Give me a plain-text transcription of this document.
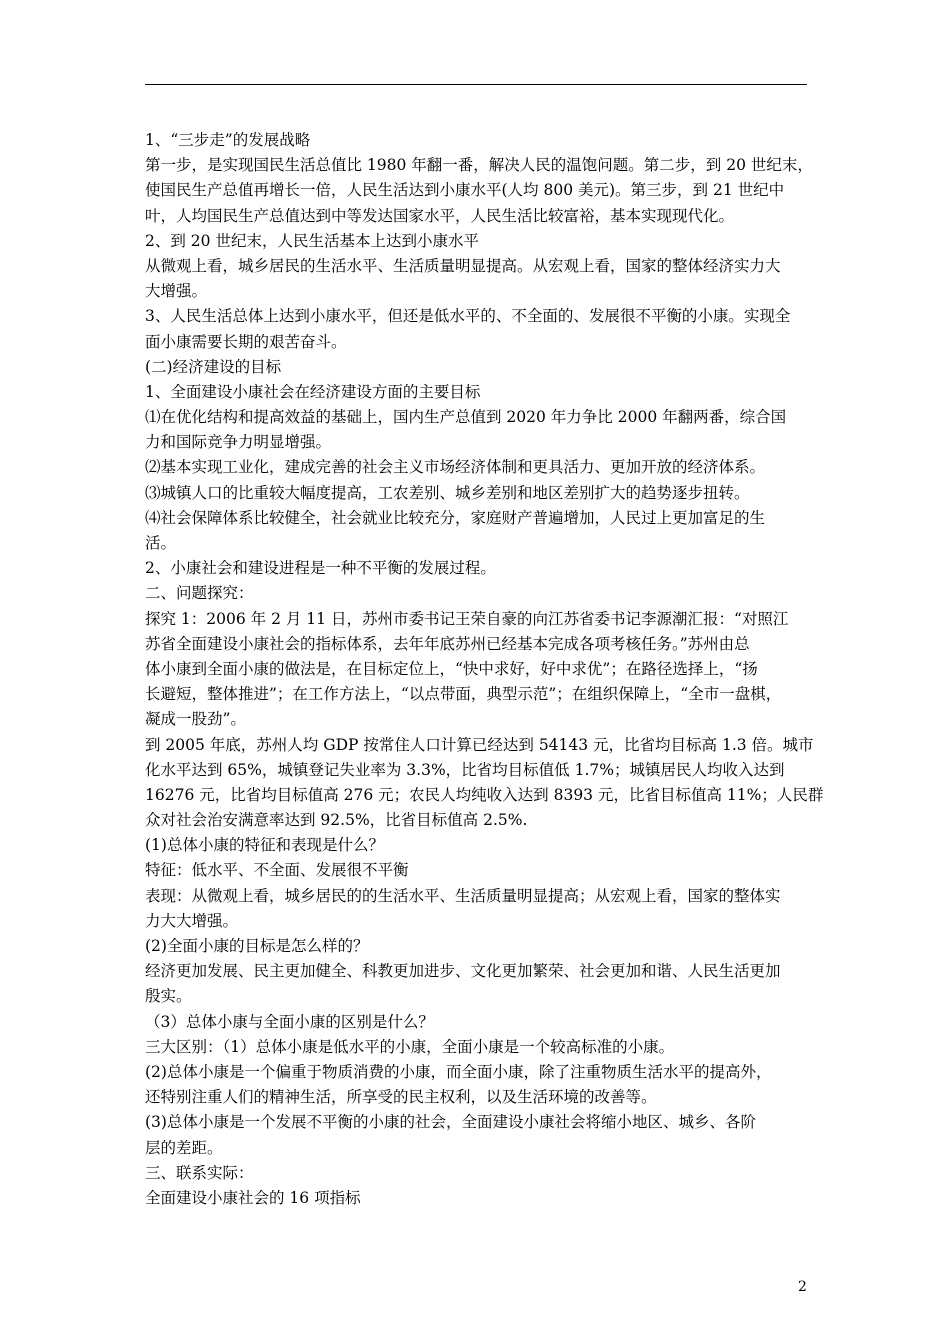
1、“三步走”的发展战略
第一步，是实现国民生活总值比 1980 年翻一番，解决人民的温饱问题。第二步，到 20 世纪末，
使国民生产总值再增长一倍，人民生活达到小康水平(人均 800 美元)。第三步，到 21 世纪中
叶，人均国民生产总值达到中等发达国家水平，人民生活比较富裕，基本实现现代化。
2、到 20 世纪末，人民生活基本上达到小康水平
从微观上看，城乡居民的生活水平、生活质量明显提高。从宏观上看，国家的整体经济实力大
大增强。
3、人民生活总体上达到小康水平，但还是低水平的、不全面的、发展很不平衡的小康。实现全
面小康需要长期的艰苦奋斗。
(二)经济建设的目标
1、全面建设小康社会在经济建设方面的主要目标
⑴在优化结构和提高效益的基础上，国内生产总值到 2020 年力争比 2000 年翻两番，综合国
力和国际竞争力明显增强。
⑵基本实现工业化，建成完善的社会主义市场经济体制和更具活力、更加开放的经济体系。
⑶城镇人口的比重较大幅度提高，工农差别、城乡差别和地区差别扩大的趋势逐步扭转。
⑷社会保障体系比较健全，社会就业比较充分，家庭财产普遍增加，人民过上更加富足的生
活。
2、小康社会和建设进程是一种不平衡的发展过程。
二、问题探究：
探究 1：2006 年 2 月 11 日，苏州市委书记王荣自豪的向江苏省委书记李源潮汇报：“对照江
苏省全面建设小康社会的指标体系，去年年底苏州已经基本完成各项考核任务。”苏州由总
体小康到全面小康的做法是，在目标定位上，“快中求好，好中求优”；在路径选择上，“扬
长避短，整体推进”；在工作方法上，“以点带面，典型示范”；在组织保障上，“全市一盘棋，
凝成一股劲”。
到 2005 年底，苏州人均 GDP 按常住人口计算已经达到 54143 元，比省均目标高 1.3 倍。城市
化水平达到 65%，城镇登记失业率为 3.3%，比省均目标值低 1.7%；城镇居民人均收入达到
16276 元，比省均目标值高 276 元；农民人均纯收入达到 8393 元，比省目标值高 11%；人民群
众对社会治安满意率达到 92.5%，比省目标值高 2.5%.
(1)总体小康的特征和表现是什么？
特征：低水平、不全面、发展很不平衡
表现：从微观上看，城乡居民的的生活水平、生活质量明显提高；从宏观上看，国家的整体实
力大大增强。
(2)全面小康的目标是怎么样的？
经济更加发展、民主更加健全、科教更加进步、文化更加繁荣、社会更加和谐、人民生活更加
殷实。
（3）总体小康与全面小康的区别是什么？
三大区别：（1）总体小康是低水平的小康，全面小康是一个较高标准的小康。
(2)总体小康是一个偏重于物质消费的小康，而全面小康，除了注重物质生活水平的提高外，
还特别注重人们的精神生活，所享受的民主权利，以及生活环境的改善等。
(3)总体小康是一个发展不平衡的小康的社会，全面建设小康社会将缩小地区、城乡、各阶
层的差距。
三、联系实际：
全面建设小康社会的 16 项指标
2
